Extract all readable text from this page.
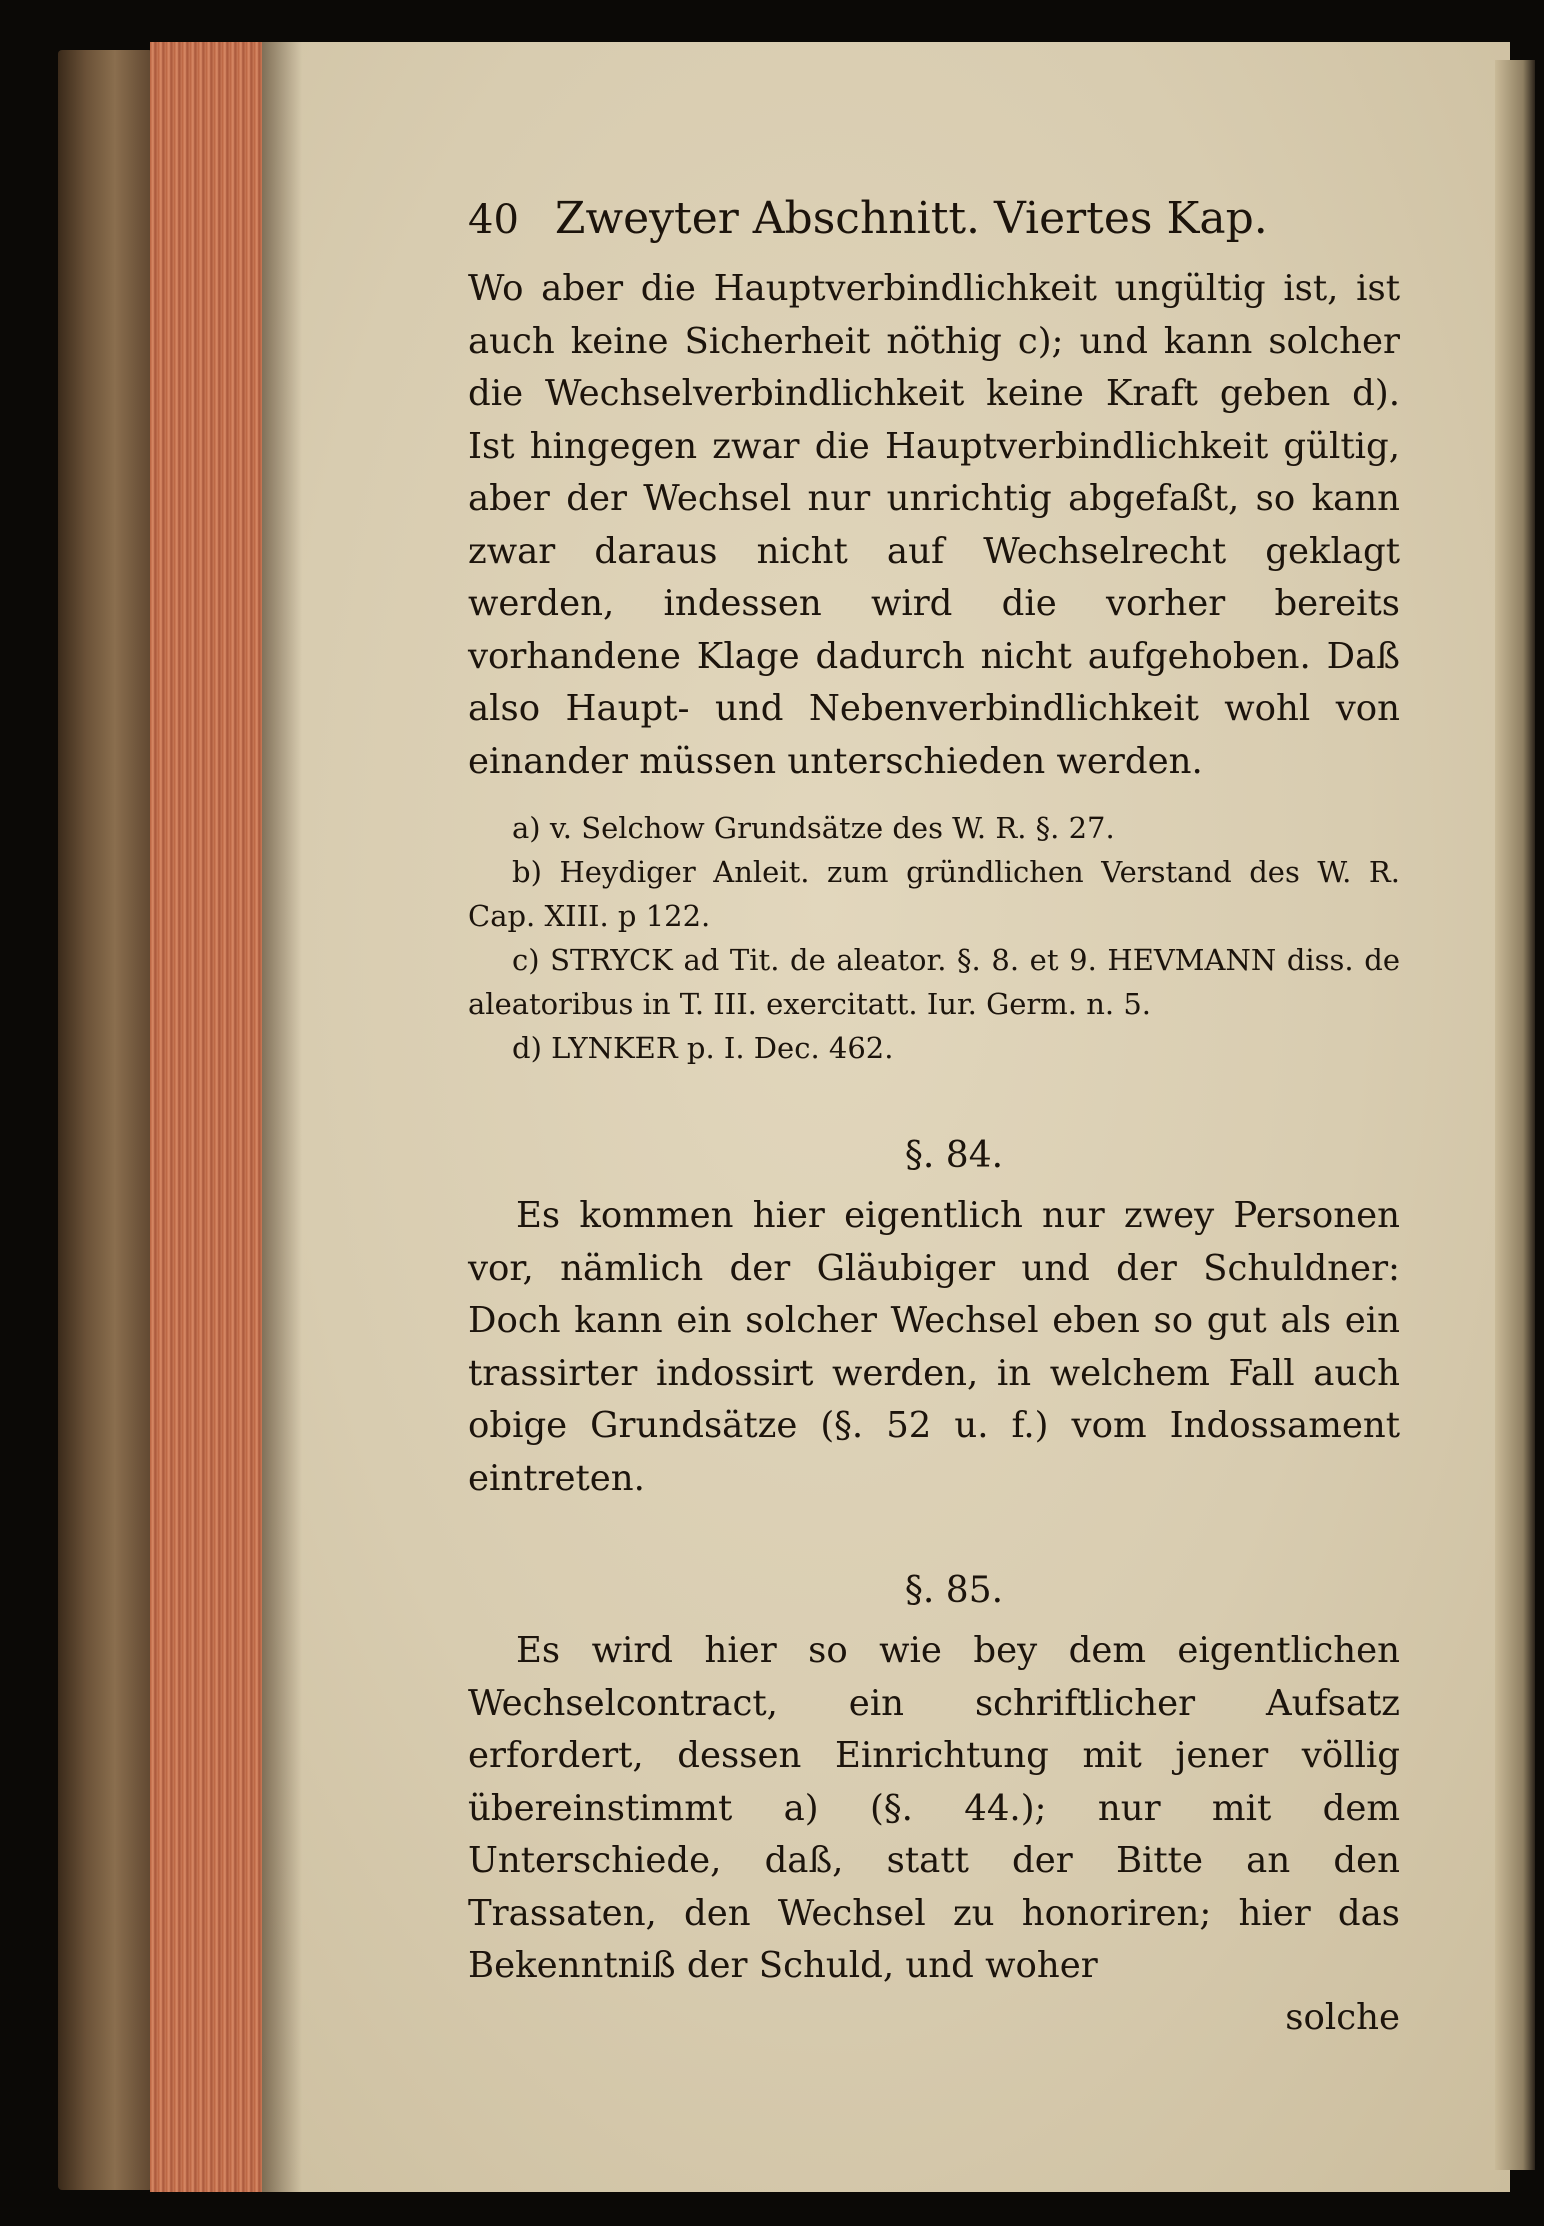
40 Zweyter Abschnitt. Viertes Kap.

Wo aber die Hauptverbindlichkeit ungültig ist, ist auch keine Sicherheit nöthig c); und kann solcher die Wechselverbindlichkeit keine Kraft geben d). Ist hingegen zwar die Hauptverbindlichkeit gültig, aber der Wechsel nur unrichtig abgefaßt, so kann zwar daraus nicht auf Wechselrecht geklagt werden, indessen wird die vorher bereits vorhandene Klage dadurch nicht aufgehoben. Daß also Haupt- und Nebenverbindlichkeit wohl von einander müssen unterschieden werden.

a) v. Selchow Grundsätze des W. R. §. 27.

b) Heydiger Anleit. zum gründlichen Verstand des W. R. Cap. XIII. p 122.

c) STRYCK ad Tit. de aleator. §. 8. et 9. HEVMANN diss. de aleatoribus in T. III. exercitatt. Iur. Germ. n. 5.

d) LYNKER p. I. Dec. 462.

§. 84.

Es kommen hier eigentlich nur zwey Personen vor, nämlich der Gläubiger und der Schuldner: Doch kann ein solcher Wechsel eben so gut als ein trassirter indossirt werden, in welchem Fall auch obige Grundsätze (§. 52 u. f.) vom Indossament eintreten.

§. 85.

Es wird hier so wie bey dem eigentlichen Wechselcontract, ein schriftlicher Aufsatz erfordert, dessen Einrichtung mit jener völlig übereinstimmt a) (§. 44.); nur mit dem Unterschiede, daß, statt der Bitte an den Trassaten, den Wechsel zu honoriren; hier das Bekenntniß der Schuld, und woher

solche
